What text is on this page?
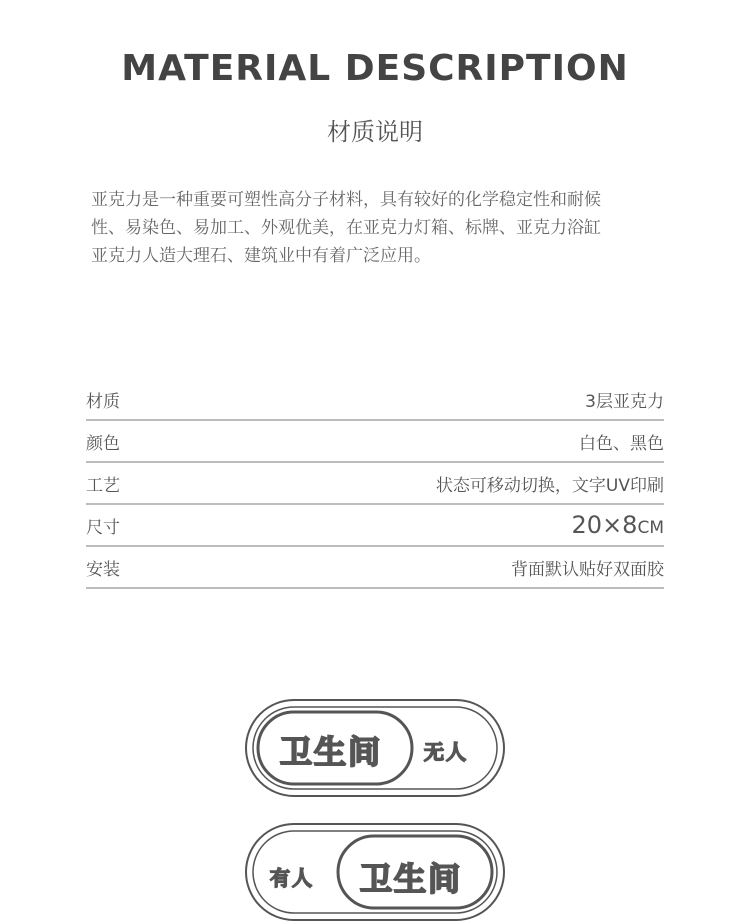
MATERIAL DESCRIPTION
材质说明
亚克力是一种重要可塑性高分子材料，具有较好的化学稳定性和耐候
性、易染色、易加工、外观优美，在亚克力灯箱、标牌、亚克力浴缸
亚克力人造大理石、建筑业中有着广泛应用。
材质	3层亚克力
颜色	白色、黑色
工艺	状态可移动切换，文字UV印刷
尺寸	20×8CM
安装	背面默认贴好双面胶
卫生间 无人
有人 卫生间
